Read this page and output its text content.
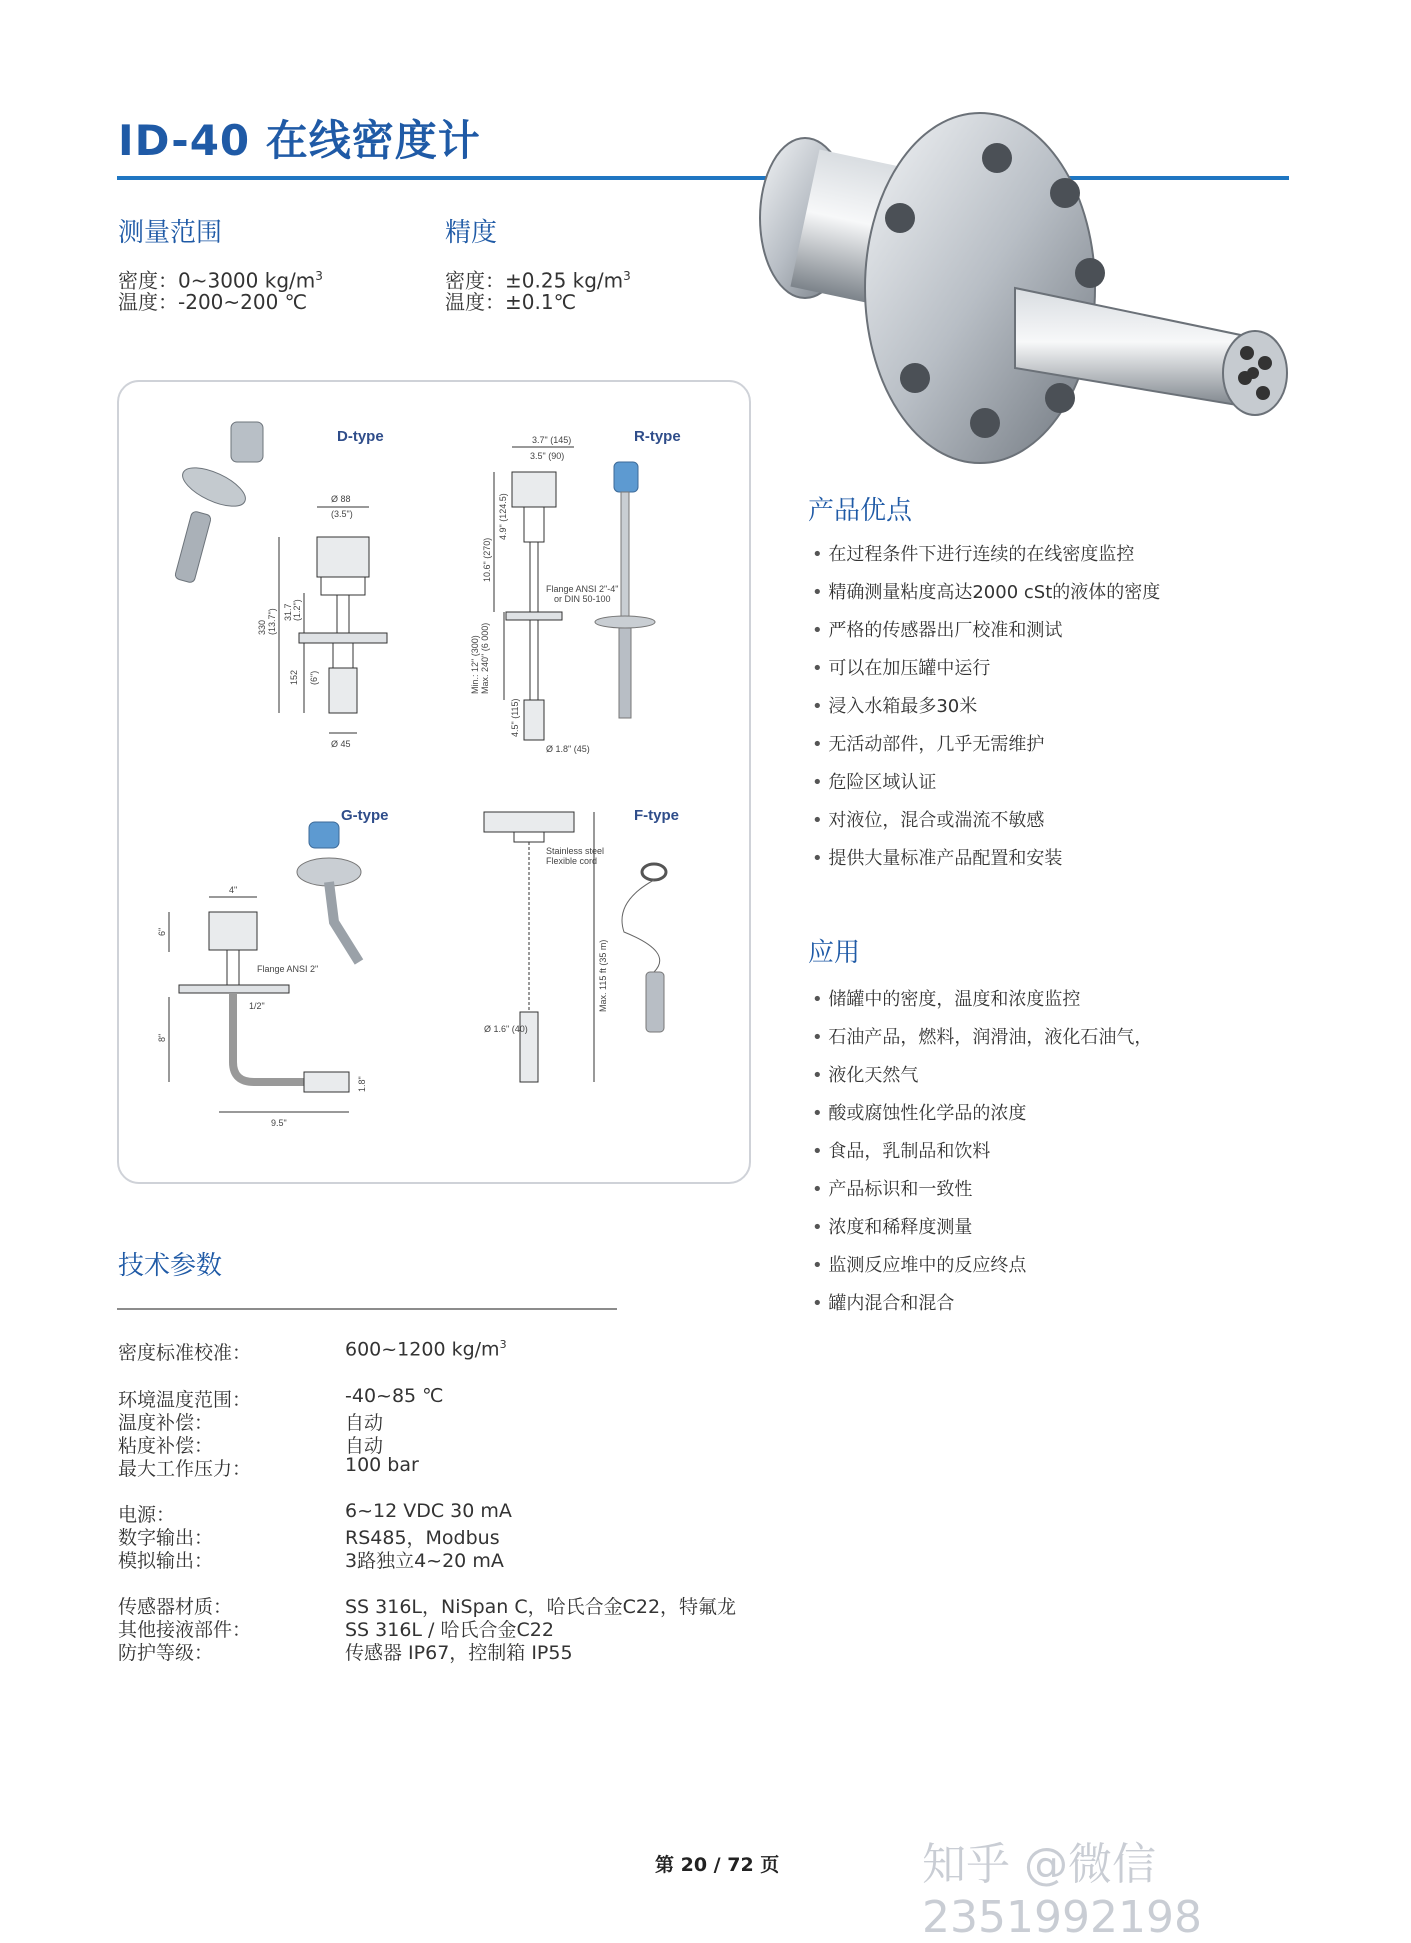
ID-40 在线密度计
测量范围
密度：0~3000 $kg/m^3$
温度：-200~200 ℃
精度
密度：±0.25 $kg/m^3$
温度：±0.1℃
D-type
Ø 88
(3.5")
330 (13.7") 31.7 (1.2")
152 (6")
Ø 45
R-type
3.7" (145)
3.5" (90)
10.6" (270)
4.9" (124.5)
Flange ANSI 2"-4"
or DIN 50-100
Min.: 12" (300) Max. 240" (6 000)
4.5" (115)
Ø 1.8" (45)
G-type
4"
6"
Flange ANSI 2"
1/2"
8"
1.8"
9.5"
F-type
Stainless steel
Flexible cord
Max. 115 ft (35 m)
Ø 1.6" (40)
产品优点
• 在过程条件下进行连续的在线密度监控
• 精确测量粘度高达2000 cSt的液体的密度
• 严格的传感器出厂校准和测试
• 可以在加压罐中运行
• 浸入水箱最多30米
• 无活动部件，几乎无需维护
• 危险区域认证
• 对液位，混合或湍流不敏感
• 提供大量标准产品配置和安装
应用
• 储罐中的密度，温度和浓度监控
• 石油产品，燃料，润滑油，液化石油气，
• 液化天然气
• 酸或腐蚀性化学品的浓度
• 食品，乳制品和饮料
• 产品标识和一致性
• 浓度和稀释度测量
• 监测反应堆中的反应终点
• 罐内混合和混合
技术参数
密度标准校准：	600~1200 $kg/m^3$
环境温度范围：	-40~85 ℃
温度补偿：	自动
粘度补偿：	自动
最大工作压力：	100 bar
电源：	6~12 VDC 30 mA
数字输出：	RS485，Modbus
模拟输出：	3路独立4~20 mA
传感器材质：	SS 316L，NiSpan C，哈氏合金C22，特氟龙
其他接液部件：	SS 316L / 哈氏合金C22
防护等级：	传感器 IP67，控制箱 IP55
第 20 / 72 页	知乎 @微信2351992198
